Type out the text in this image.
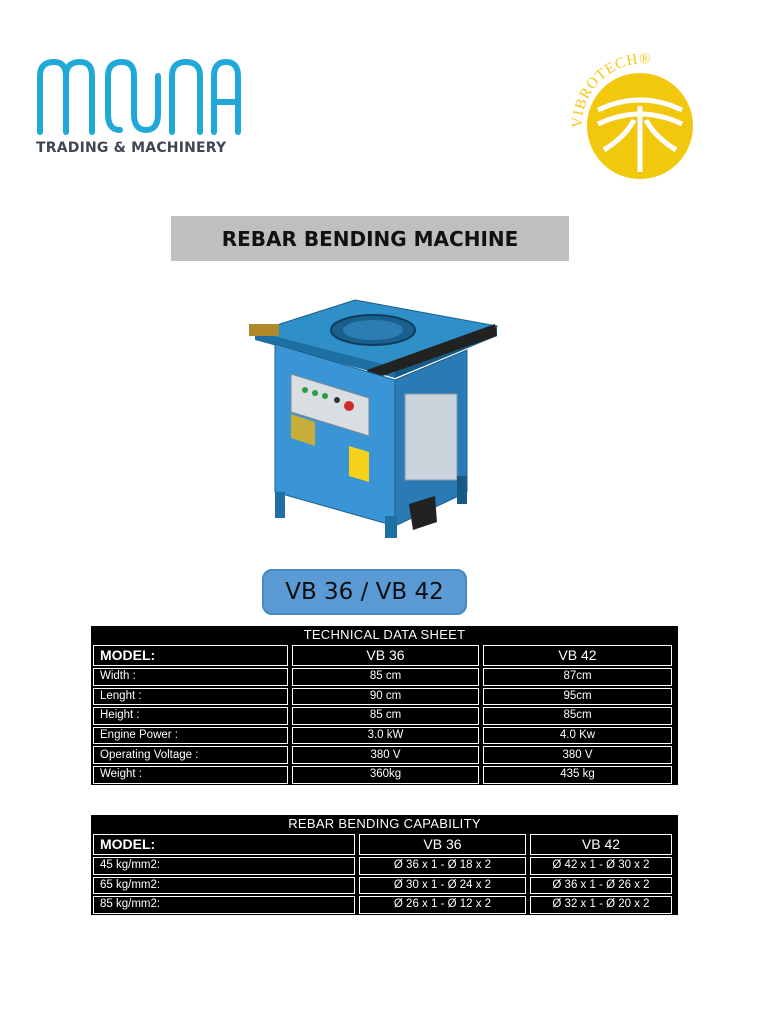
TRADING & MACHINERY
VIBROTECH®
REBAR BENDING MACHINE
VB 36 / VB 42
TECHNICAL DATA SHEET
MODEL:	VB 36	VB 42
Width :	85 cm	87cm
Lenght :	90 cm	95cm
Height :	85 cm	85cm
Engine Power :	3.0 kW	4.0 Kw
Operating Voltage :	380 V	380 V
Weight :	360kg	435 kg
REBAR BENDING CAPABILITY
MODEL:	VB 36	VB 42
45 kg/mm2:	Ø 36 x 1 - Ø 18 x 2	Ø 42 x 1 - Ø 30 x 2
65 kg/mm2:	Ø 30 x 1 - Ø 24 x 2	Ø 36 x 1 - Ø 26 x 2
85 kg/mm2:	Ø 26 x 1 - Ø 12 x 2	Ø 32 x 1 - Ø 20 x 2
